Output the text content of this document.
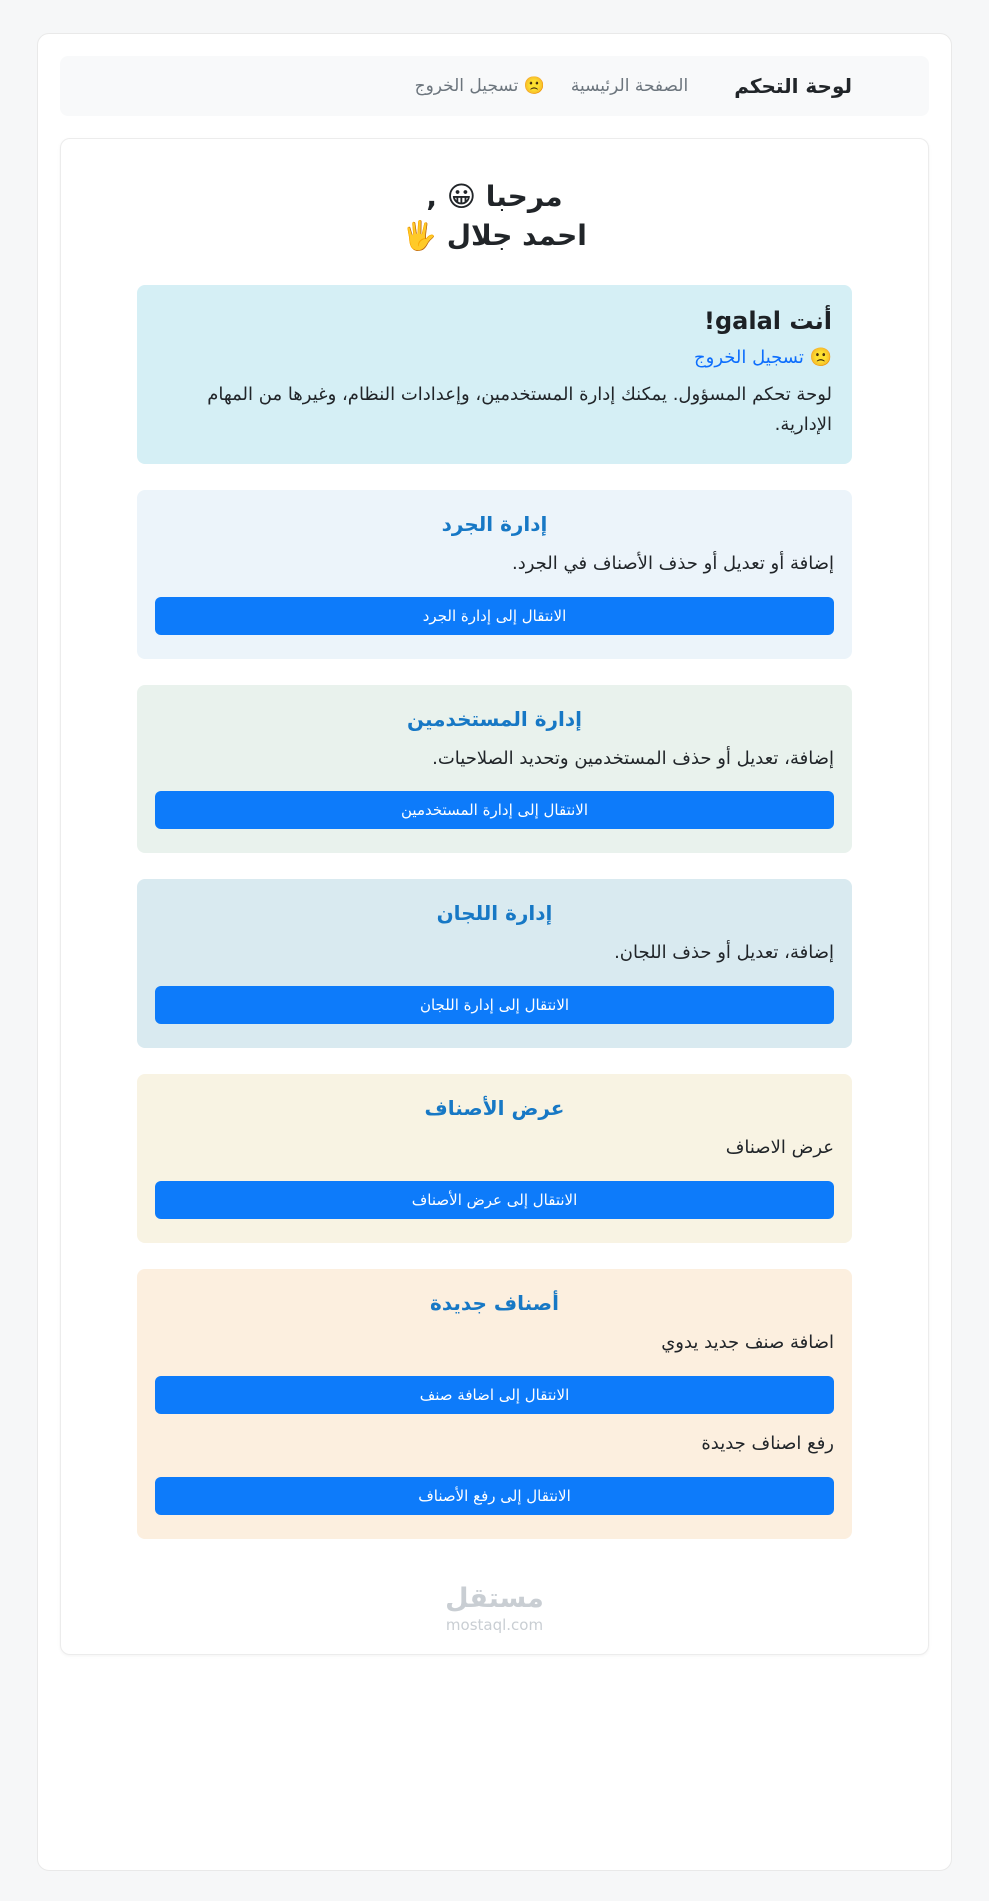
لوحة التحكم
الصفحة الرئيسية
🙁 تسجيل الخروج
مرحبا 😀 ,
احمد جلال 🖐
أنت galal!
🙁 تسجيل الخروج

لوحة تحكم المسؤول. يمكنك إدارة المستخدمين، وإعدادات النظام، وغيرها من المهام الإدارية.

إدارة الجرد

إضافة أو تعديل أو حذف الأصناف في الجرد.

الانتقال إلى إدارة الجرد
إدارة المستخدمين

إضافة، تعديل أو حذف المستخدمين وتحديد الصلاحيات.

الانتقال إلى إدارة المستخدمين
إدارة اللجان

إضافة، تعديل أو حذف اللجان.

الانتقال إلى إدارة اللجان
عرض الأصناف

عرض الاصناف

الانتقال إلى عرض الأصناف
أصناف جديدة

اضافة صنف جديد يدوي

الانتقال إلى اضافة صنف

رفع اصناف جديدة

الانتقال إلى رفع الأصناف
مستقل
mostaql.com
